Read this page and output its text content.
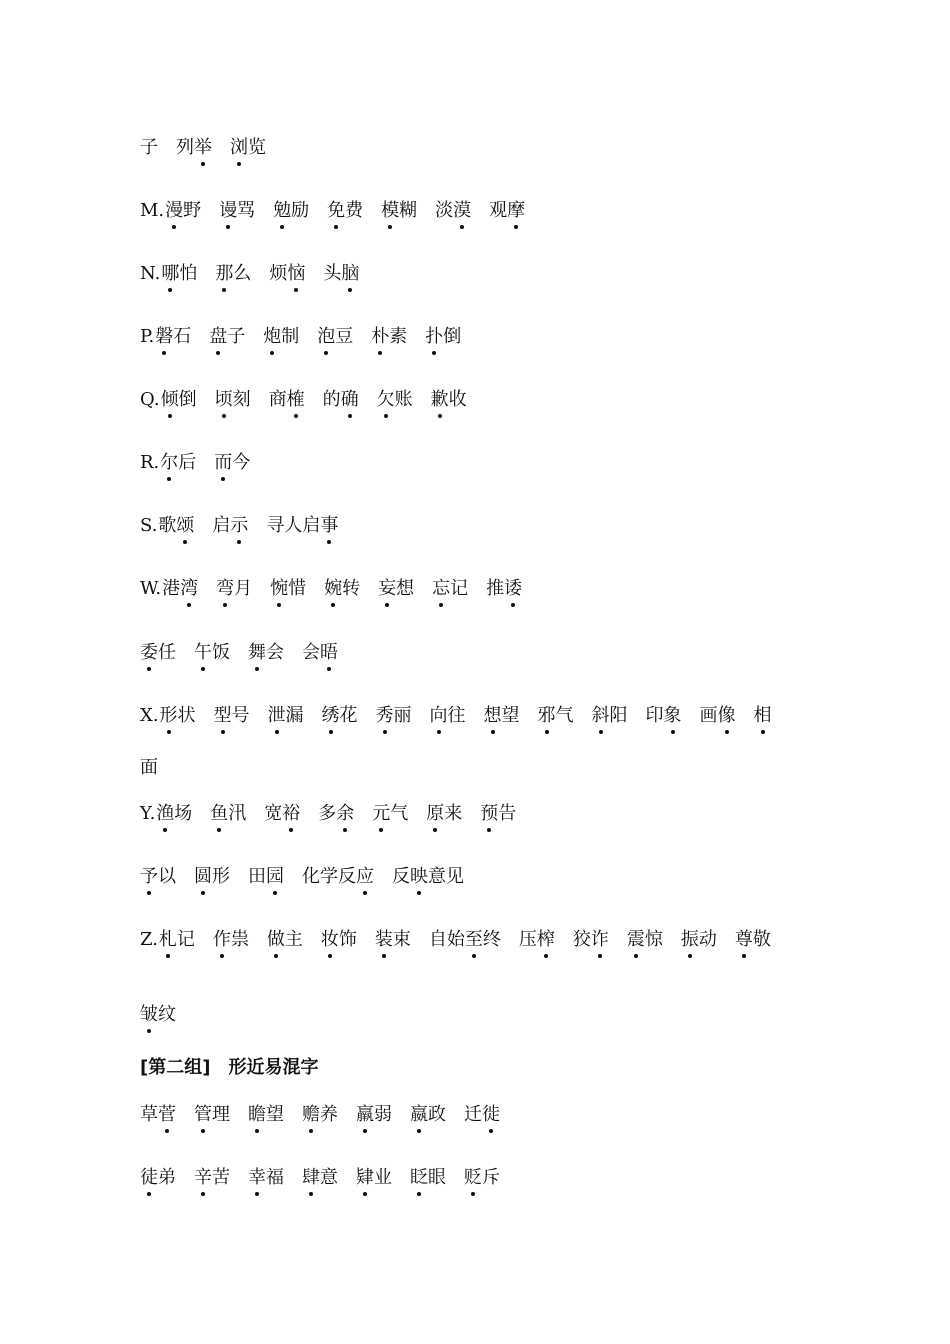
子 列举 浏览
M.漫野 谩骂 勉励 免费 模糊 淡漠 观摩
N.哪怕 那么 烦恼 头脑
P.磐石 盘子 炮制 泡豆 朴素 扑倒
Q.倾倒 顷刻 商榷 的确 欠账 歉收
R.尔后 而今
S.歌颂 启示 寻人启事
W.港湾 弯月 惋惜 婉转 妄想 忘记 推诿
委任 午饭 舞会 会晤
X.形状 型号 泄漏 绣花 秀丽 向往 想望 邪气 斜阳 印象 画像 相
面
Y.渔场 鱼汛 宽裕 多余 元气 原来 预告
予以 圆形 田园 化学反应 反映意见
Z.札记 作祟 做主 妆饰 装束 自始至终 压榨 狡诈 震惊 振动 尊敬
皱纹
草菅 管理 瞻望 赡养 羸弱 嬴政 迁徙
徒弟 辛苦 幸福 肆意 肄业 眨眼 贬斥
[第二组]　形近易混字
